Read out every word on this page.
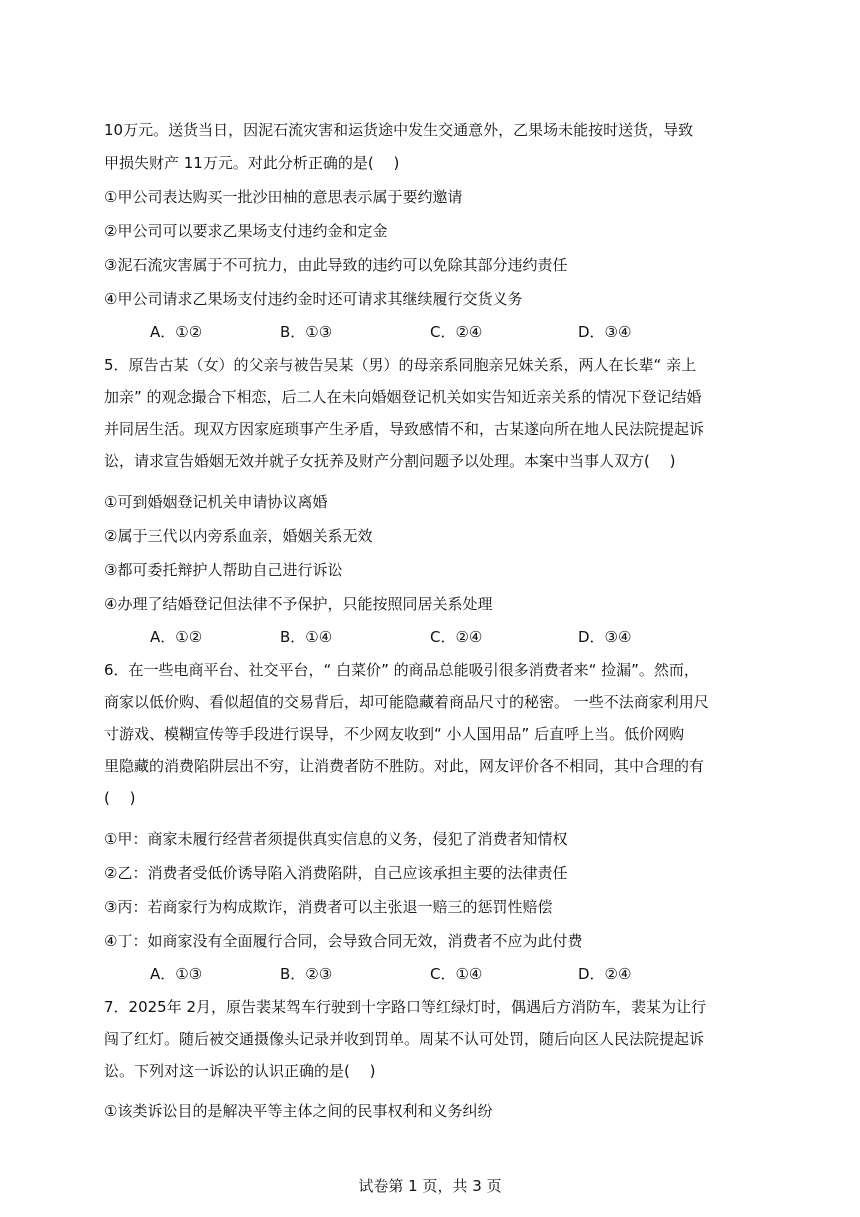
10万元。送货当日，因泥石流灾害和运货途中发生交通意外，乙果场未能按时送货，导致
甲损失财产 11万元。对此分析正确的是(　 )
①甲公司表达购买一批沙田柚的意思表示属于要约邀请
②甲公司可以要求乙果场支付违约金和定金
③泥石流灾害属于不可抗力，由此导致的违约可以免除其部分违约责任
④甲公司请求乙果场支付违约金时还可请求其继续履行交货义务
A．①②	B．①③	C．②④	D．③④
5．原告古某（女）的父亲与被告吴某（男）的母亲系同胞亲兄妹关系，两人在长辈“ 亲上
加亲” 的观念撮合下相恋，后二人在未向婚姻登记机关如实告知近亲关系的情况下登记结婚
并同居生活。现双方因家庭琐事产生矛盾，导致感情不和，古某遂向所在地人民法院提起诉
讼，请求宣告婚姻无效并就子女抚养及财产分割问题予以处理。本案中当事人双方(　 )
①可到婚姻登记机关申请协议离婚
②属于三代以内旁系血亲，婚姻关系无效
③都可委托辩护人帮助自己进行诉讼
④办理了结婚登记但法律不予保护，只能按照同居关系处理
A．①②	B．①④	C．②④	D．③④
6．在一些电商平台、社交平台，“ 白菜价” 的商品总能吸引很多消费者来“ 捡漏”。然而，
商家以低价购、看似超值的交易背后，却可能隐藏着商品尺寸的秘密。 一些不法商家利用尺
寸游戏、模糊宣传等手段进行误导，不少网友收到“ 小人国用品” 后直呼上当。低价网购
里隐藏的消费陷阱层出不穷，让消费者防不胜防。对此，网友评价各不相同，其中合理的有
(　 )
①甲：商家未履行经营者须提供真实信息的义务，侵犯了消费者知情权
②乙：消费者受低价诱导陷入消费陷阱，自己应该承担主要的法律责任
③丙：若商家行为构成欺诈，消费者可以主张退一赔三的惩罚性赔偿
④丁：如商家没有全面履行合同，会导致合同无效，消费者不应为此付费
A．①③	B．②③	C．①④	D．②④
7．2025年 2月，原告裴某驾车行驶到十字路口等红绿灯时，偶遇后方消防车，裴某为让行
闯了红灯。随后被交通摄像头记录并收到罚单。周某不认可处罚，随后向区人民法院提起诉
讼。下列对这一诉讼的认识正确的是(　 )
①该类诉讼目的是解决平等主体之间的民事权利和义务纠纷
试卷第 1 页，共 3 页
